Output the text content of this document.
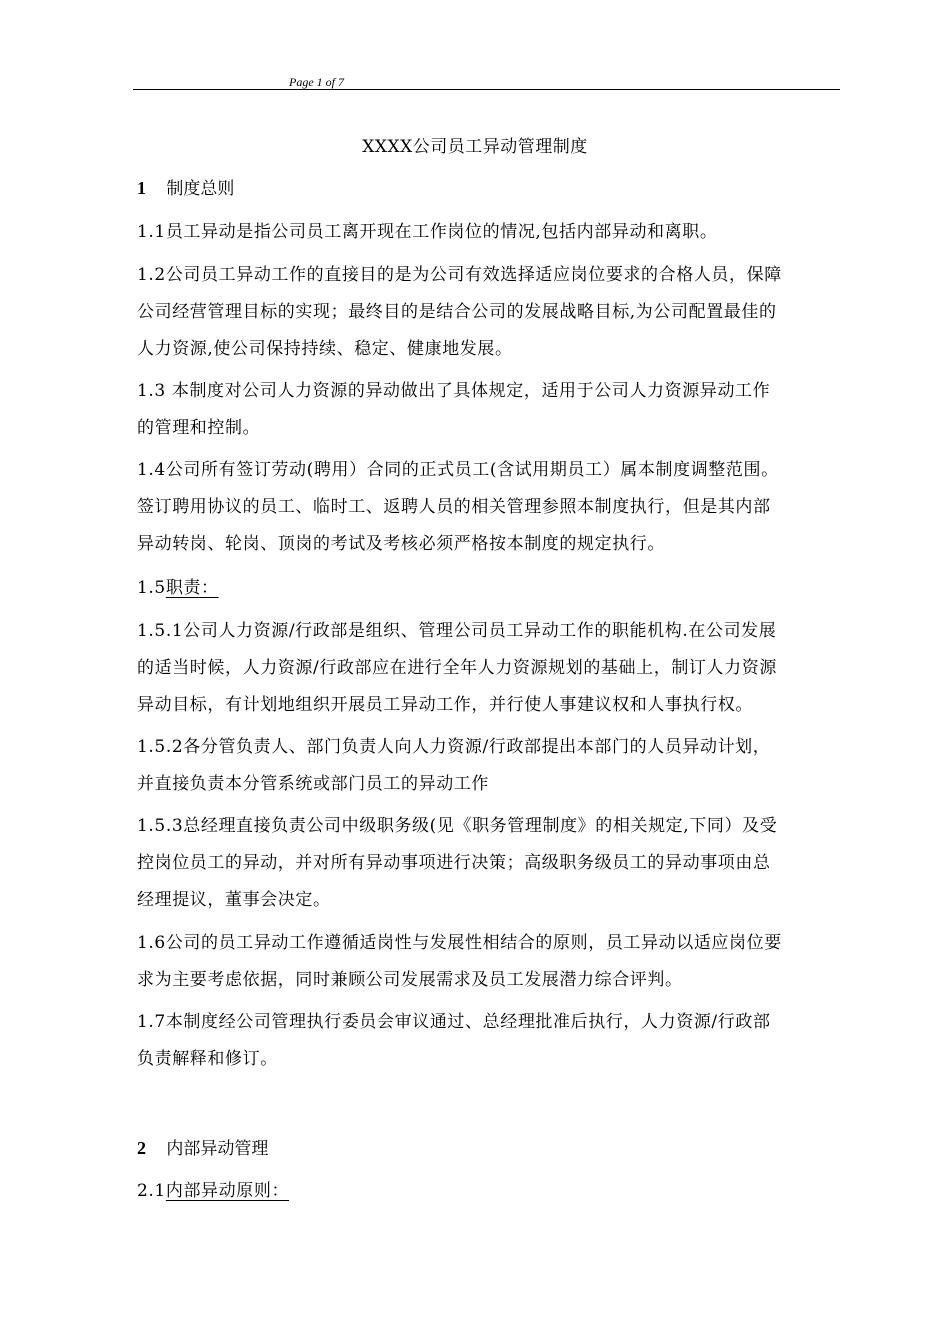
Page 1 of 7
XXXX公司员工异动管理制度
1 制度总则
1.1员工异动是指公司员工离开现在工作岗位的情况,包括内部异动和离职。
1.2公司员工异动工作的直接目的是为公司有效选择适应岗位要求的合格人员，保障
公司经营管理目标的实现；最终目的是结合公司的发展战略目标,为公司配置最佳的
人力资源,使公司保持持续、稳定、健康地发展。
1.3 本制度对公司人力资源的异动做出了具体规定，适用于公司人力资源异动工作
的管理和控制。
1.4公司所有签订劳动(聘用）合同的正式员工(含试用期员工）属本制度调整范围。
签订聘用协议的员工、临时工、返聘人员的相关管理参照本制度执行，但是其内部
异动转岗、轮岗、顶岗的考试及考核必须严格按本制度的规定执行。
1.5职责：
1.5.1公司人力资源/行政部是组织、管理公司员工异动工作的职能机构.在公司发展
的适当时候，人力资源/行政部应在进行全年人力资源规划的基础上，制订人力资源
异动目标，有计划地组织开展员工异动工作，并行使人事建议权和人事执行权。
1.5.2各分管负责人、部门负责人向人力资源/行政部提出本部门的人员异动计划，
并直接负责本分管系统或部门员工的异动工作
1.5.3总经理直接负责公司中级职务级(见《职务管理制度》的相关规定,下同）及受
控岗位员工的异动，并对所有异动事项进行决策；高级职务级员工的异动事项由总
经理提议，董事会决定。
1.6公司的员工异动工作遵循适岗性与发展性相结合的原则，员工异动以适应岗位要
求为主要考虑依据，同时兼顾公司发展需求及员工发展潜力综合评判。
1.7本制度经公司管理执行委员会审议通过、总经理批准后执行，人力资源/行政部
负责解释和修订。
2 内部异动管理
2.1内部异动原则：
